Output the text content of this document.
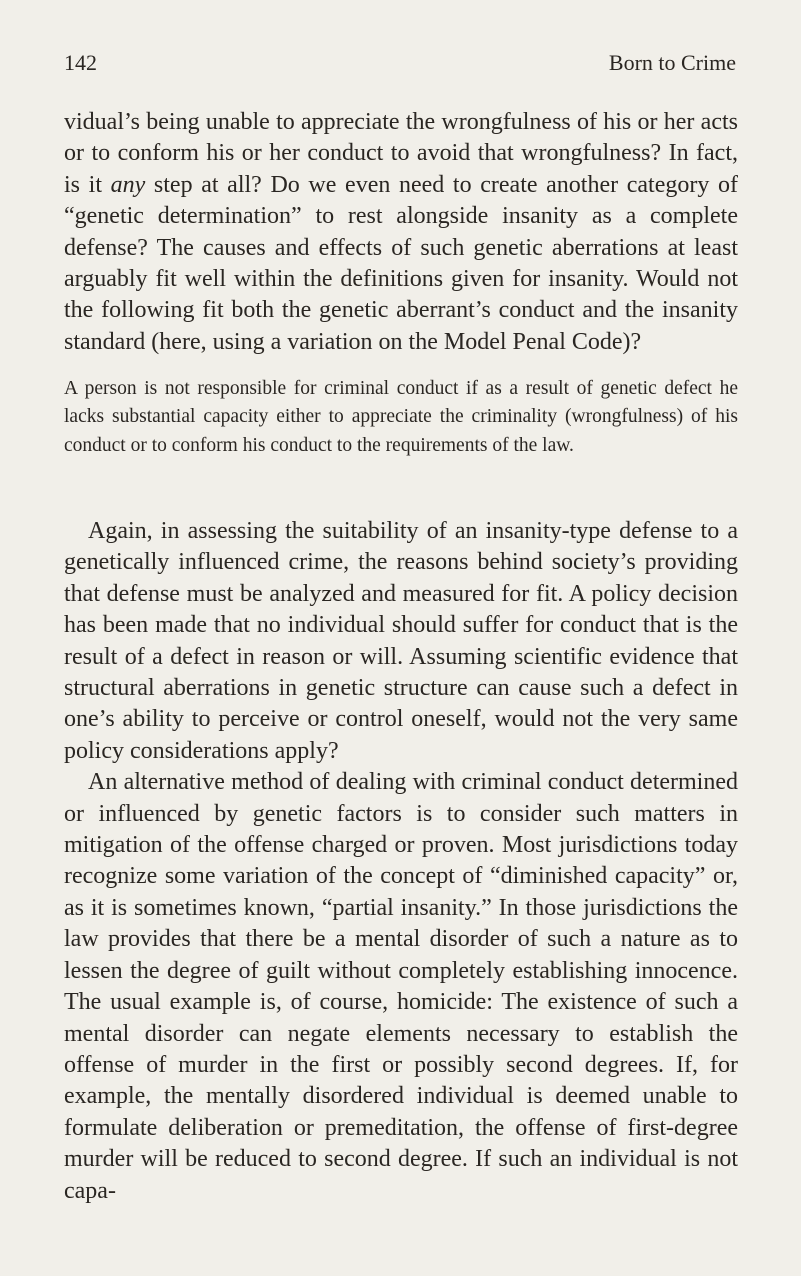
142	Born to Crime

vidual’s being unable to appreciate the wrongfulness of his or her acts or to conform his or her conduct to avoid that wrongfulness? In fact, is it any step at all? Do we even need to create another category of “genetic determination” to rest alongside insanity as a complete defense? The causes and effects of such genetic aberrations at least arguably fit well within the definitions given for insanity. Would not the following fit both the genetic aberrant’s conduct and the insanity standard (here, using a variation on the Model Penal Code)?

A person is not responsible for criminal conduct if as a result of genetic defect he lacks substantial capacity either to appreciate the criminality (wrongfulness) of his conduct or to conform his conduct to the requirements of the law.

Again, in assessing the suitability of an insanity-type defense to a genetically influenced crime, the reasons behind society’s providing that defense must be analyzed and measured for fit. A policy decision has been made that no individual should suffer for conduct that is the result of a defect in reason or will. Assuming scientific evidence that structural aberrations in genetic structure can cause such a defect in one’s ability to perceive or control oneself, would not the very same policy considerations apply?

An alternative method of dealing with criminal conduct determined or influenced by genetic factors is to consider such matters in mitigation of the offense charged or proven. Most jurisdictions today recognize some variation of the concept of “diminished capacity” or, as it is sometimes known, “partial insanity.” In those jurisdictions the law provides that there be a mental disorder of such a nature as to lessen the degree of guilt without completely establishing innocence. The usual example is, of course, homicide: The existence of such a mental disorder can negate elements necessary to establish the offense of murder in the first or possibly second degrees. If, for example, the mentally disordered individual is deemed unable to formulate deliberation or premeditation, the offense of first-degree murder will be reduced to second degree. If such an individual is not capa-
